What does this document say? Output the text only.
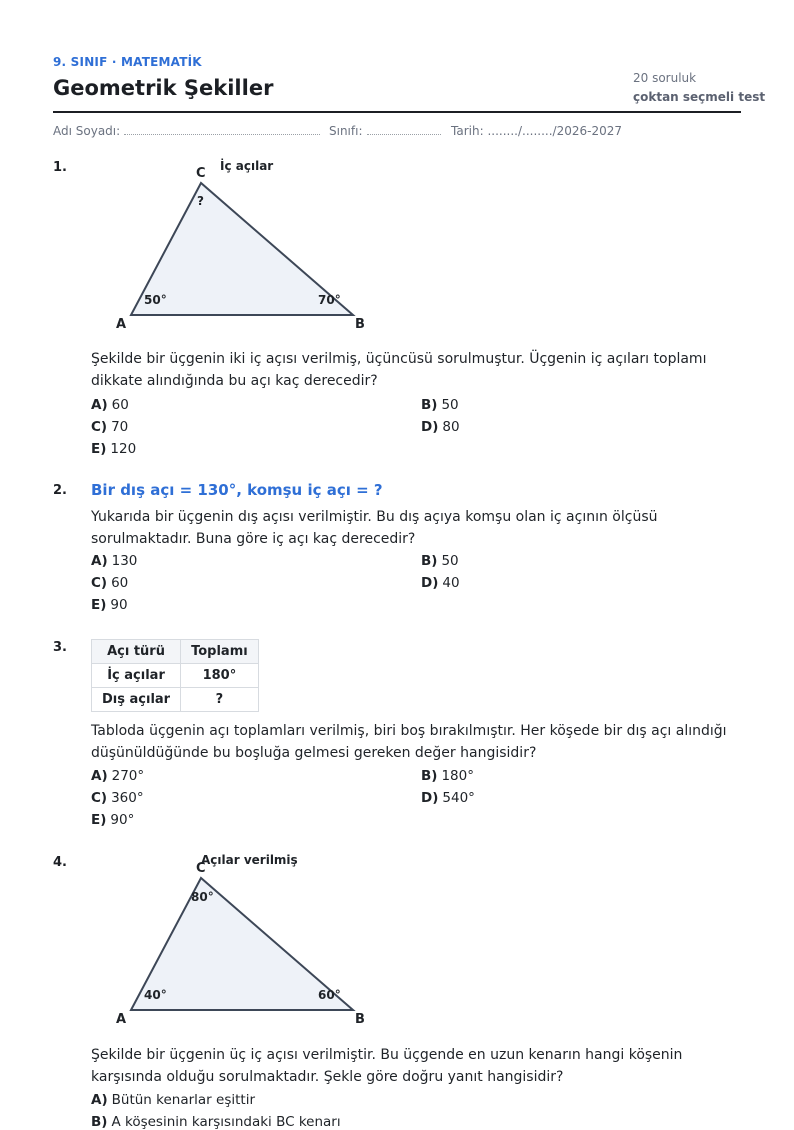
9. SINIF · MATEMATİK
Geometrik Şekiller	20 soruluk
çoktan seçmeli test
Adı Soyadı:	Sınıfı:	Tarih: ......../......../2026-2027
1.	İç açılar
C
A	B
50°	70°
?
Şekilde bir üçgenin iki iç açısı verilmiş, üçüncüsü sorulmuştur. Üçgenin iç açıları toplamı dikkate alındığında bu açı kaç derecedir?
A) 60	B) 50
C) 70	D) 80
E) 120
2. Bir dış açı = 130°, komşu iç açı = ?
Yukarıda bir üçgenin dış açısı verilmiştir. Bu dış açıya komşu olan iç açının ölçüsü sorulmaktadır. Buna göre iç açı kaç derecedir?
A) 130	B) 50
C) 60	D) 40
E) 90
3.	Açı türü	Toplamı
İç açılar	180°
Dış açılar	?
Tabloda üçgenin açı toplamları verilmiş, biri boş bırakılmıştır. Her köşede bir dış açı alındığı düşünüldüğünde bu boşluğa gelmesi gereken değer hangisidir?
A) 270°	B) 180°
C) 360°	D) 540°
E) 90°
4.	Açılar verilmiş
C
A	B
40°	60°
80°
Şekilde bir üçgenin üç iç açısı verilmiştir. Bu üçgende en uzun kenarın hangi köşenin karşısında olduğu sorulmaktadır. Şekle göre doğru yanıt hangisidir?
A) Bütün kenarlar eşittir
B) A köşesinin karşısındaki BC kenarı
